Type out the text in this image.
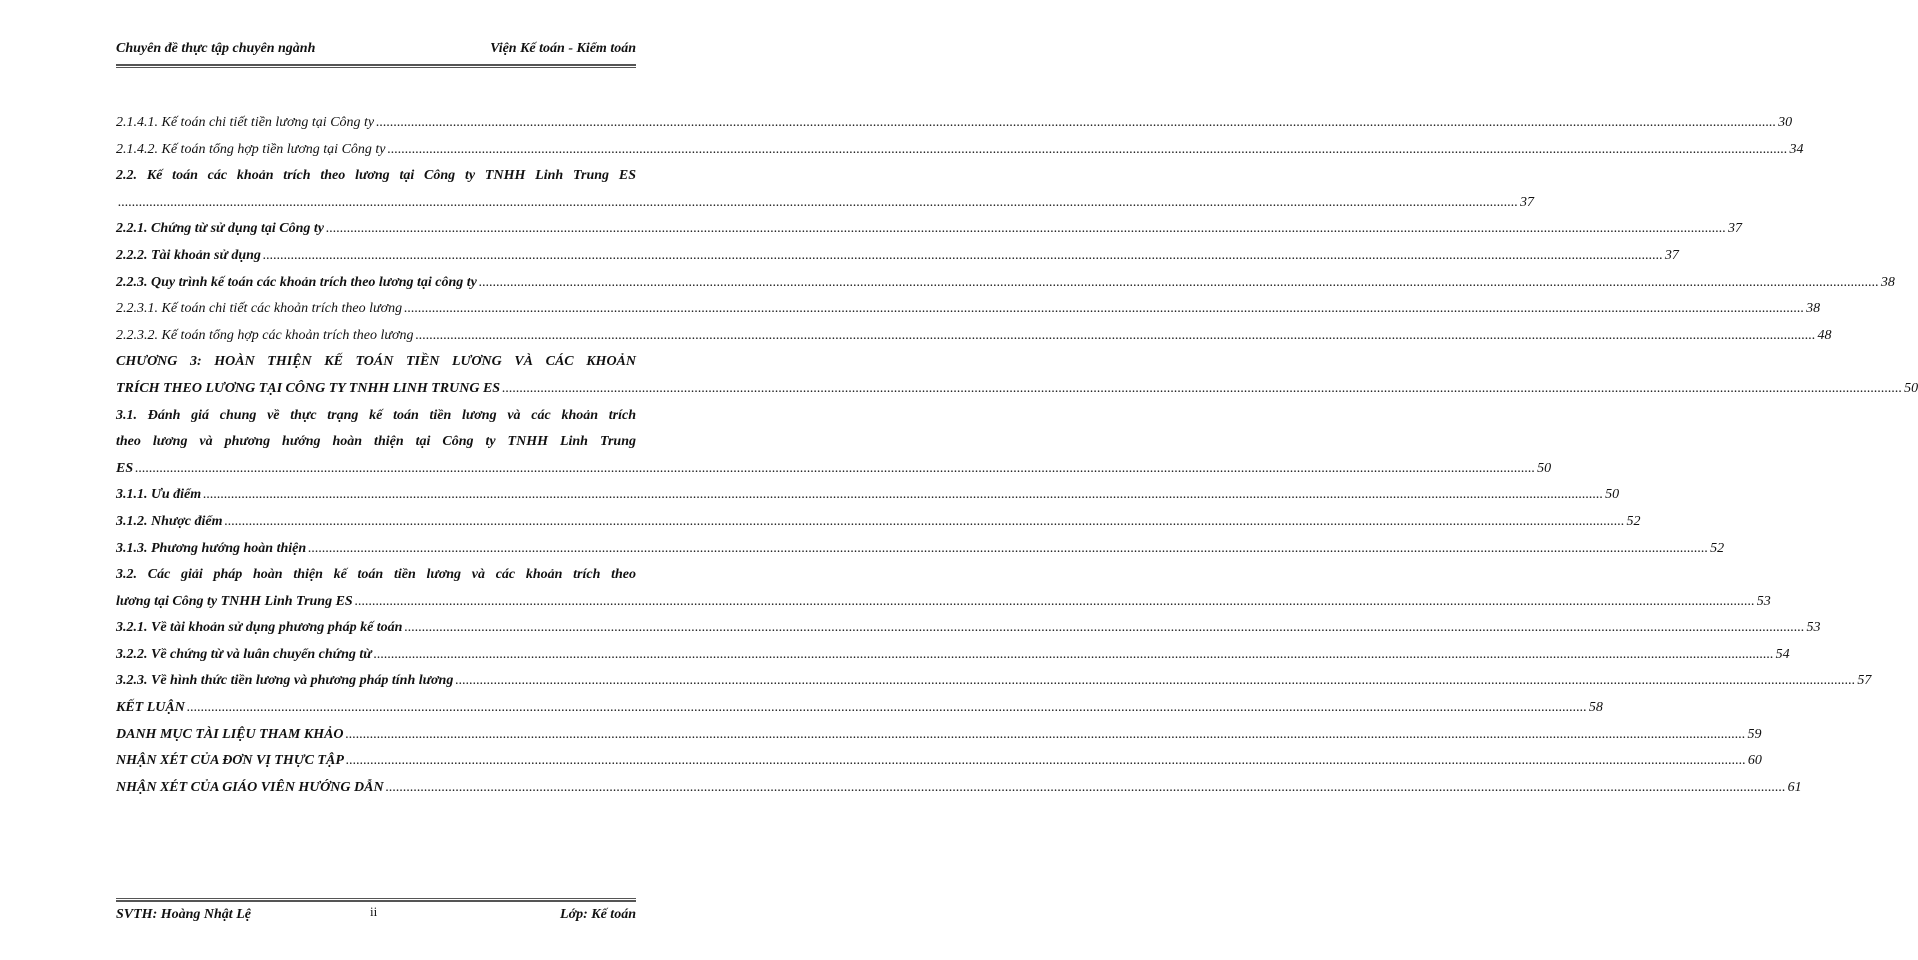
Chuyên đề thực tập chuyên ngành	Viện Kế toán - Kiểm toán
2.1.4.1. Kế toán chi tiết tiền lương tại Công ty ................................................................................................................................................................................................................................................................................................................................................................................................................ 30
2.1.4.2. Kế toán tổng hợp tiền lương tại Công ty ................................................................................................................................................................................................................................................................................................................................................................................................................ 34
2.2. Kế toán các khoản trích theo lương tại Công ty TNHH Linh Trung ES
................................................................................................................................................................................................................................................................................................................................................................................................................ 37
2.2.1. Chứng từ sử dụng tại Công ty ................................................................................................................................................................................................................................................................................................................................................................................................................ 37
2.2.2. Tài khoản sử dụng ................................................................................................................................................................................................................................................................................................................................................................................................................ 37
2.2.3. Quy trình kế toán các khoản trích theo lương tại công ty ................................................................................................................................................................................................................................................................................................................................................................................................................ 38
2.2.3.1. Kế toán chi tiết các khoản trích theo lương ................................................................................................................................................................................................................................................................................................................................................................................................................ 38
2.2.3.2. Kế toán tổng hợp các khoản trích theo lương ................................................................................................................................................................................................................................................................................................................................................................................................................ 48
CHƯƠNG 3: HOÀN THIỆN KẾ TOÁN TIỀN LƯƠNG VÀ CÁC KHOẢN
TRÍCH THEO LƯƠNG TẠI CÔNG TY TNHH LINH TRUNG ES ................................................................................................................................................................................................................................................................................................................................................................................................................ 50
3.1. Đánh giá chung về thực trạng kế toán tiền lương và các khoản trích
theo lương và phương hướng hoàn thiện tại Công ty TNHH Linh Trung
ES ................................................................................................................................................................................................................................................................................................................................................................................................................ 50
3.1.1. Ưu điểm ................................................................................................................................................................................................................................................................................................................................................................................................................ 50
3.1.2. Nhược điểm ................................................................................................................................................................................................................................................................................................................................................................................................................ 52
3.1.3. Phương hướng hoàn thiện ................................................................................................................................................................................................................................................................................................................................................................................................................ 52
3.2. Các giải pháp hoàn thiện kế toán tiền lương và các khoản trích theo
lương tại Công ty TNHH Linh Trung ES ................................................................................................................................................................................................................................................................................................................................................................................................................ 53
3.2.1. Về tài khoản sử dụng phương pháp kế toán ................................................................................................................................................................................................................................................................................................................................................................................................................ 53
3.2.2. Về chứng từ và luân chuyển chứng từ ................................................................................................................................................................................................................................................................................................................................................................................................................ 54
3.2.3. Về hình thức tiền lương và phương pháp tính lương ................................................................................................................................................................................................................................................................................................................................................................................................................ 57
KẾT LUẬN ................................................................................................................................................................................................................................................................................................................................................................................................................ 58
DANH MỤC TÀI LIỆU THAM KHẢO ................................................................................................................................................................................................................................................................................................................................................................................................................ 59
NHẬN XÉT CỦA ĐƠN VỊ THỰC TẬP ................................................................................................................................................................................................................................................................................................................................................................................................................ 60
NHẬN XÉT CỦA GIÁO VIÊN HƯỚNG DẪN ................................................................................................................................................................................................................................................................................................................................................................................................................ 61
SVTH: Hoàng Nhật Lệ	ii	Lớp: Kế toán
